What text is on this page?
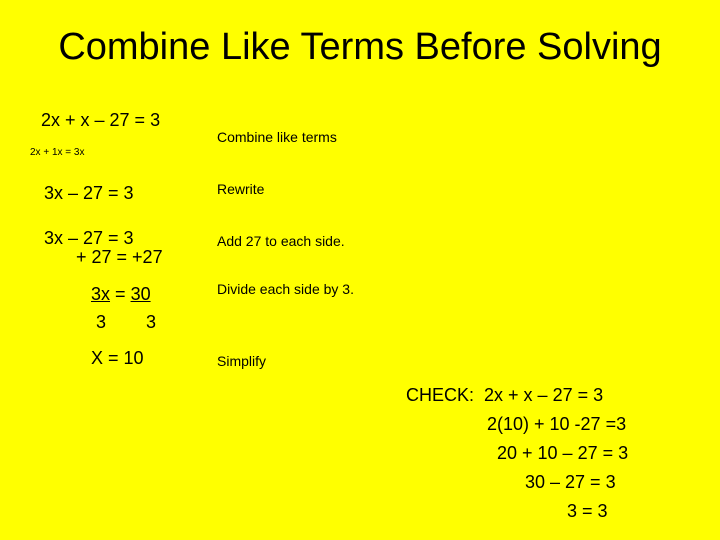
Combine Like Terms Before Solving
2x + x – 27 = 3
2x + 1x = 3x
3x – 27 = 3
3x – 27 = 3
+ 27 = +27
3x = 30
3 3
X = 10
Combine like terms
Rewrite
Add 27 to each side.
Divide each side by 3.
Simplify
CHECK: 2x + x – 27 = 3
2(10) + 10 -27 =3
20 + 10 – 27 = 3
30 – 27 = 3
3 = 3
